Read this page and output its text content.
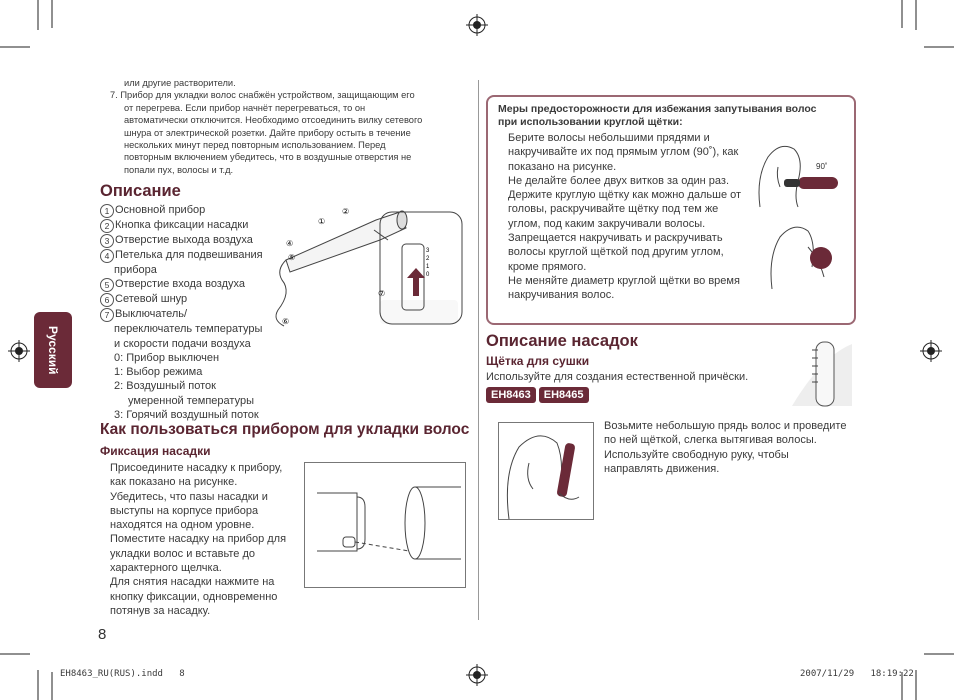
Русский
или другие растворители.
7. Прибор для укладки волос снабжён устройством, защищающим его
от перегрева. Если прибор начнёт перегреваться, то он
автоматически отключится. Необходимо отсоединить вилку сетевого
шнура от электрической розетки. Дайте прибору остыть в течение
нескольких минут перед повторным использованием. Перед
повторным включением убедитесь, что в воздушные отверстия не
попали пух, волосы и т.д.
Описание
1 Основной прибор
2 Кнопка фиксации насадки
3 Отверстие выхода воздуха
4 Петелька для подвешивания
прибора
5 Отверстие входа воздуха
6 Сетевой шнур
7 Выключатель/
переключатель температуры
и скорости подачи воздуха
0: Прибор выключен
1: Выбор режима
2: Воздушный поток
умеренной температуры
3: Горячий воздушный поток
①
②
④
⑤
⑥
⑦
3
2
1
0
Как пользоваться прибором для укладки волос
Фиксация насадки
Присоедините насадку к прибору,
как показано на рисунке.
Убедитесь, что пазы насадки и
выступы на корпусе прибора
находятся на одном уровне.
Поместите насадку на прибор для
укладки волос и вставьте до
характерного щелчка.
Для снятия насадки нажмите на
кнопку фиксации, одновременно
потянув за насадку.
8
Меры предосторожности для избежания запутывания волос
при использовании круглой щётки:
Берите волосы небольшими прядями и
накручивайте их под прямым углом (90˚), как
показано на рисунке.
Не делайте более двух витков за один раз.
Держите круглую щётку как можно дальше от
головы, раскручивайте щётку под тем же
углом, под каким закручивали волосы.
Запрещается накручивать и раскручивать
волосы круглой щёткой под другим углом,
кроме прямого.
Не меняйте диаметр круглой щётки во время
накручивания волос.
90˚
Описание насадок
Щётка для сушки
Используйте для создания естественной причёски.
EH8463 EH8465
Возьмите небольшую прядь волос и проведите
по ней щёткой, слегка вытягивая волосы.
Используйте свободную руку, чтобы
направлять движения.
EH8463_RU(RUS).indd   8	2007/11/29   18:19:22
